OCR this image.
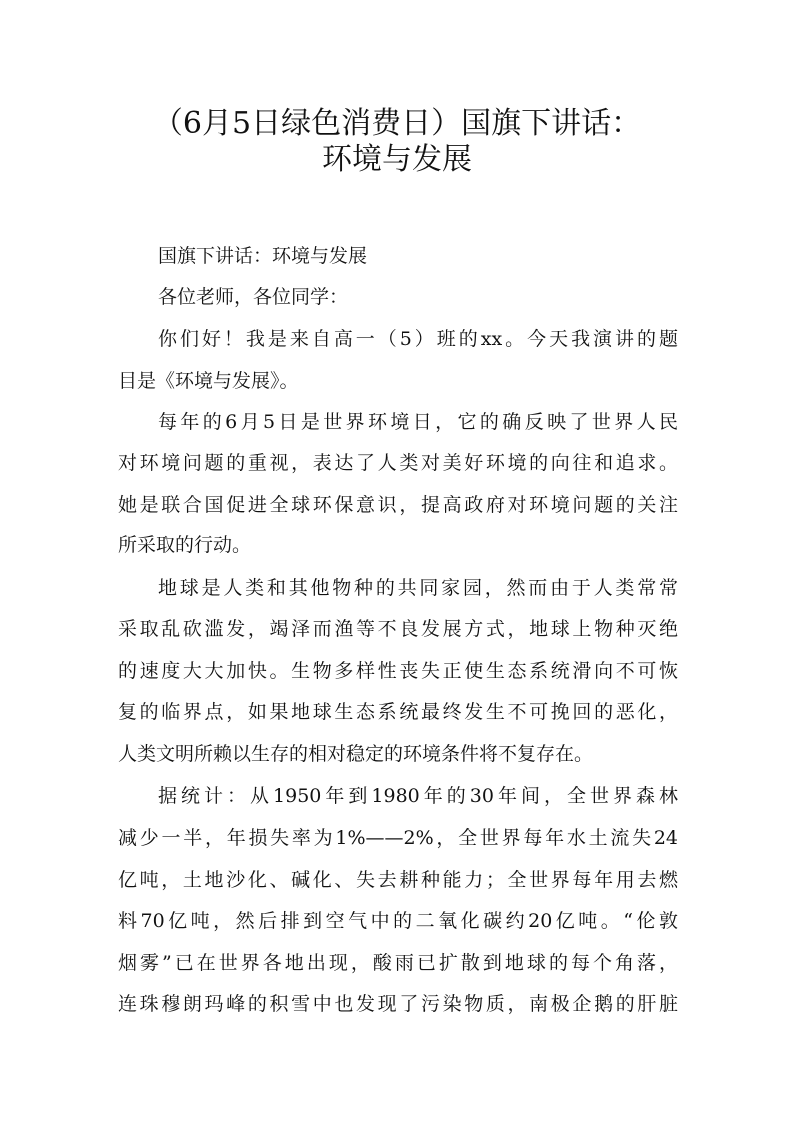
（6月5日绿色消费日）国旗下讲话：
环境与发展
国旗下讲话：环境与发展
各位老师，各位同学：
你们好！我是来自高一（5）班的xx。今天我演讲的题
目是《环境与发展》。
每年的6月5日是世界环境日，它的确反映了世界人民
对环境问题的重视，表达了人类对美好环境的向往和追求。
她是联合国促进全球环保意识，提高政府对环境问题的关注
所采取的行动。
地球是人类和其他物种的共同家园，然而由于人类常常
采取乱砍滥发，竭泽而渔等不良发展方式，地球上物种灭绝
的速度大大加快。生物多样性丧失正使生态系统滑向不可恢
复的临界点，如果地球生态系统最终发生不可挽回的恶化，
人类文明所赖以生存的相对稳定的环境条件将不复存在。
据统计：从1950年到1980年的30年间，全世界森林
减少一半，年损失率为1%——2%，全世界每年水土流失24
亿吨，土地沙化、碱化、失去耕种能力；全世界每年用去燃
料70亿吨，然后排到空气中的二氧化碳约20亿吨。“伦敦
烟雾”已在世界各地出现，酸雨已扩散到地球的每个角落，
连珠穆朗玛峰的积雪中也发现了污染物质，南极企鹅的肝脏
